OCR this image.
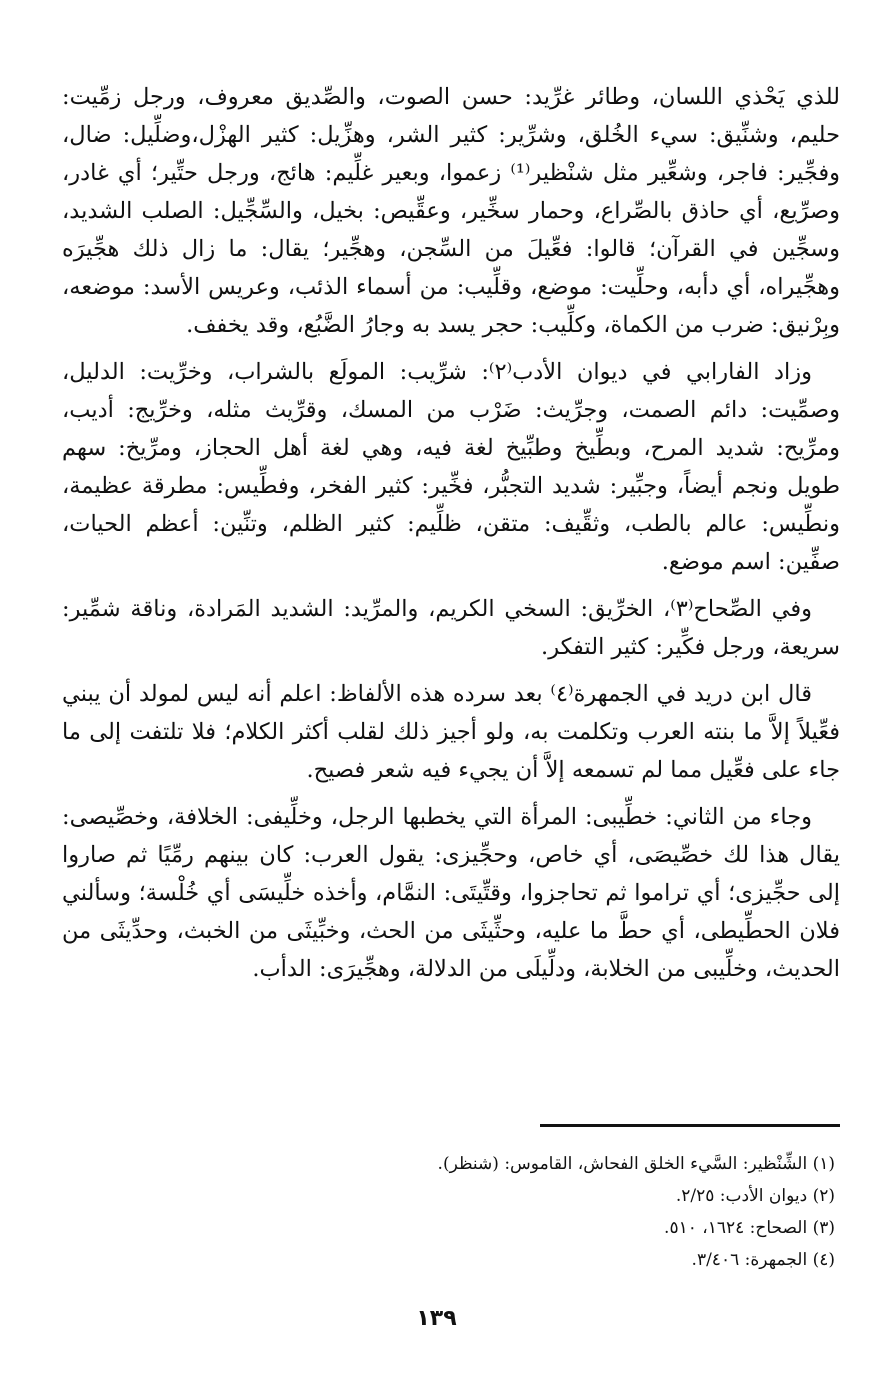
للذي يَحْذي اللسان، وطائر غرِّيد: حسن الصوت، والصِّديق معروف، ورجل زمِّيت: حليم، وشنِّيق: سيء الخُلق، وشرِّير: كثير الشر، وهزِّيل: كثير الهزْل،وضلِّيل: ضال، وفجِّير: فاجر، وشعِّير مثل شنْظير⁽¹⁾ زعموا، وبعير غلِّيم: هائج، ورجل حتِّير؛ أي غادر، وصرِّيع، أي حاذق بالصِّراع، وحمار سخِّير، وعقِّيص: بخيل، والسِّجِّيل: الصلب الشديد، وسجِّين في القرآن؛ قالوا: فعِّيلَ من السِّجن، وهجِّير؛ يقال: ما زال ذلك هجِّيرَه وهجِّيراه، أي دأبه، وحلِّيت: موضع، وقلِّيب: من أسماء الذئب، وعريس الأسد: موضعه، وبِرْنيق: ضرب من الكماة، وكلِّيب: حجر يسد به وجارُ الضَّبُع، وقد يخفف.

وزاد الفارابي في ديوان الأدب⁽٢⁾: شرِّيب: المولَع بالشراب، وخرِّيت: الدليل، وصمِّيت: دائم الصمت، وجرِّيث: ضَرْب من المسك، وقرِّيث مثله، وخرِّيج: أديب، ومرِّيح: شديد المرح، وبطِّيخ وطبِّيخ لغة فيه، وهي لغة أهل الحجاز، ومرِّيخ: سهم طويل ونجم أيضاً، وجبِّير: شديد التجبُّر، فخِّير: كثير الفخر، وفطِّيس: مطرقة عظيمة، ونطِّيس: عالم بالطب، وثقِّيف: متقن، ظلِّيم: كثير الظلم، وتنِّين: أعظم الحيات، صفِّين: اسم موضع.

وفي الصِّحاح⁽٣⁾، الخرِّيق: السخي الكريم، والمرِّيد: الشديد المَرادة، وناقة شمِّير: سريعة، ورجل فكِّير: كثير التفكر.

قال ابن دريد في الجمهرة⁽٤⁾ بعد سرده هذه الألفاظ: اعلم أنه ليس لمولد أن يبني فعِّيلاً إلاَّ ما بنته العرب وتكلمت به، ولو أجيز ذلك لقلب أكثر الكلام؛ فلا تلتفت إلى ما جاء على فعِّيل مما لم تسمعه إلاَّ أن يجيء فيه شعر فصيح.

وجاء من الثاني: خطِّيبى: المرأة التي يخطبها الرجل، وخلِّيفى: الخلافة، وخصِّيصى: يقال هذا لك خصِّيصَى، أي خاص، وحجِّيزى: يقول العرب: كان بينهم رمِّيًا ثم صاروا إلى حجِّيزى؛ أي تراموا ثم تحاجزوا، وقتِّيتَى: النمَّام، وأخذه خلِّيسَى أي خُلْسة؛ وسألني فلان الحطِّيطى، أي حطَّ ما عليه، وحثِّيثَى من الحث، وخبِّيثَى من الخبث، وحدِّيثَى من الحديث، وخلِّيبى من الخلابة، ودلِّيلَى من الدلالة، وهجِّيرَى: الدأب.

(١) الشِّنْظير: السَّيء الخلق الفحاش، القاموس: (شنظر).
(٢) ديوان الأدب: ٢/٢٥.
(٣) الصحاح: ١٦٢٤، ٥١٠.
(٤) الجمهرة: ٣/٤٠٦.
١٣٩
